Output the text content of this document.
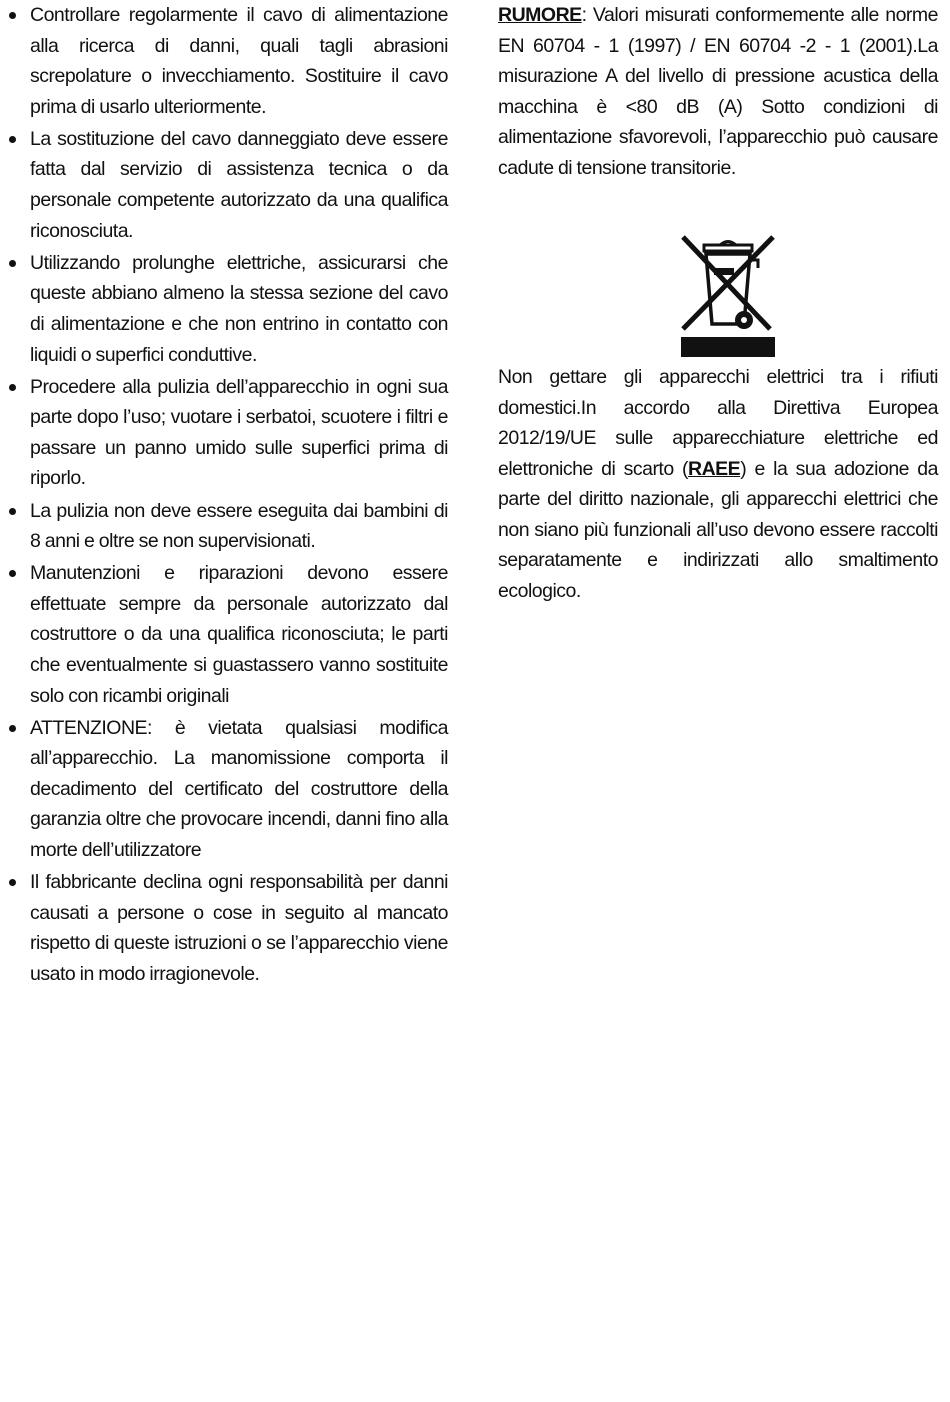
Controllare regolarmente il cavo di alimentazione alla ricerca di danni, quali tagli abrasioni screpolature o invecchiamento. Sostituire il cavo prima di usarlo ulteriormente.
La sostituzione del cavo danneggiato deve essere fatta dal servizio di assistenza tecnica o da personale competente autorizzato da una qualifica riconosciuta.
Utilizzando prolunghe elettriche, assicurarsi che queste abbiano almeno la stessa sezione del cavo di alimentazione e che non entrino in contatto con liquidi o superfici conduttive.
Procedere alla pulizia dell’apparecchio in ogni sua parte dopo l’uso; vuotare i serbatoi, scuotere i filtri e passare un panno umido sulle superfici prima di riporlo.
La pulizia non deve essere eseguita dai bambini di 8 anni e oltre se non supervisionati.
Manutenzioni e riparazioni devono essere effettuate sempre da personale autorizzato dal costruttore o da una qualifica riconosciuta; le parti che eventualmente si guastassero vanno sostituite solo con ricambi originali
ATTENZIONE: è vietata qualsiasi modifica all’apparecchio. La manomissione comporta il decadimento del certificato del costruttore della garanzia oltre che provocare incendi, danni fino alla morte dell’utilizzatore
Il fabbricante declina ogni responsabilità per danni causati a persone o cose in seguito al mancato rispetto di queste istruzioni o se l’apparecchio viene usato in modo irragionevole.

RUMORE: Valori misurati conformemente alle norme EN 60704 - 1 (1997) / EN 60704 -2 - 1 (2001).La misurazione A del livello di pressione acustica della macchina è <80 dB (A) Sotto condizioni di alimentazione sfavorevoli, l’apparecchio può causare cadute di tensione transitorie.

Non gettare gli apparecchi elettrici tra i rifiuti domestici.In accordo alla Direttiva Europea 2012/19/UE sulle apparecchiature elettriche ed elettroniche di scarto (RAEE) e la sua adozione da parte del diritto nazionale, gli apparecchi elettrici che non siano più funzionali all’uso devono essere raccolti separatamente e indirizzati allo smaltimento ecologico.
